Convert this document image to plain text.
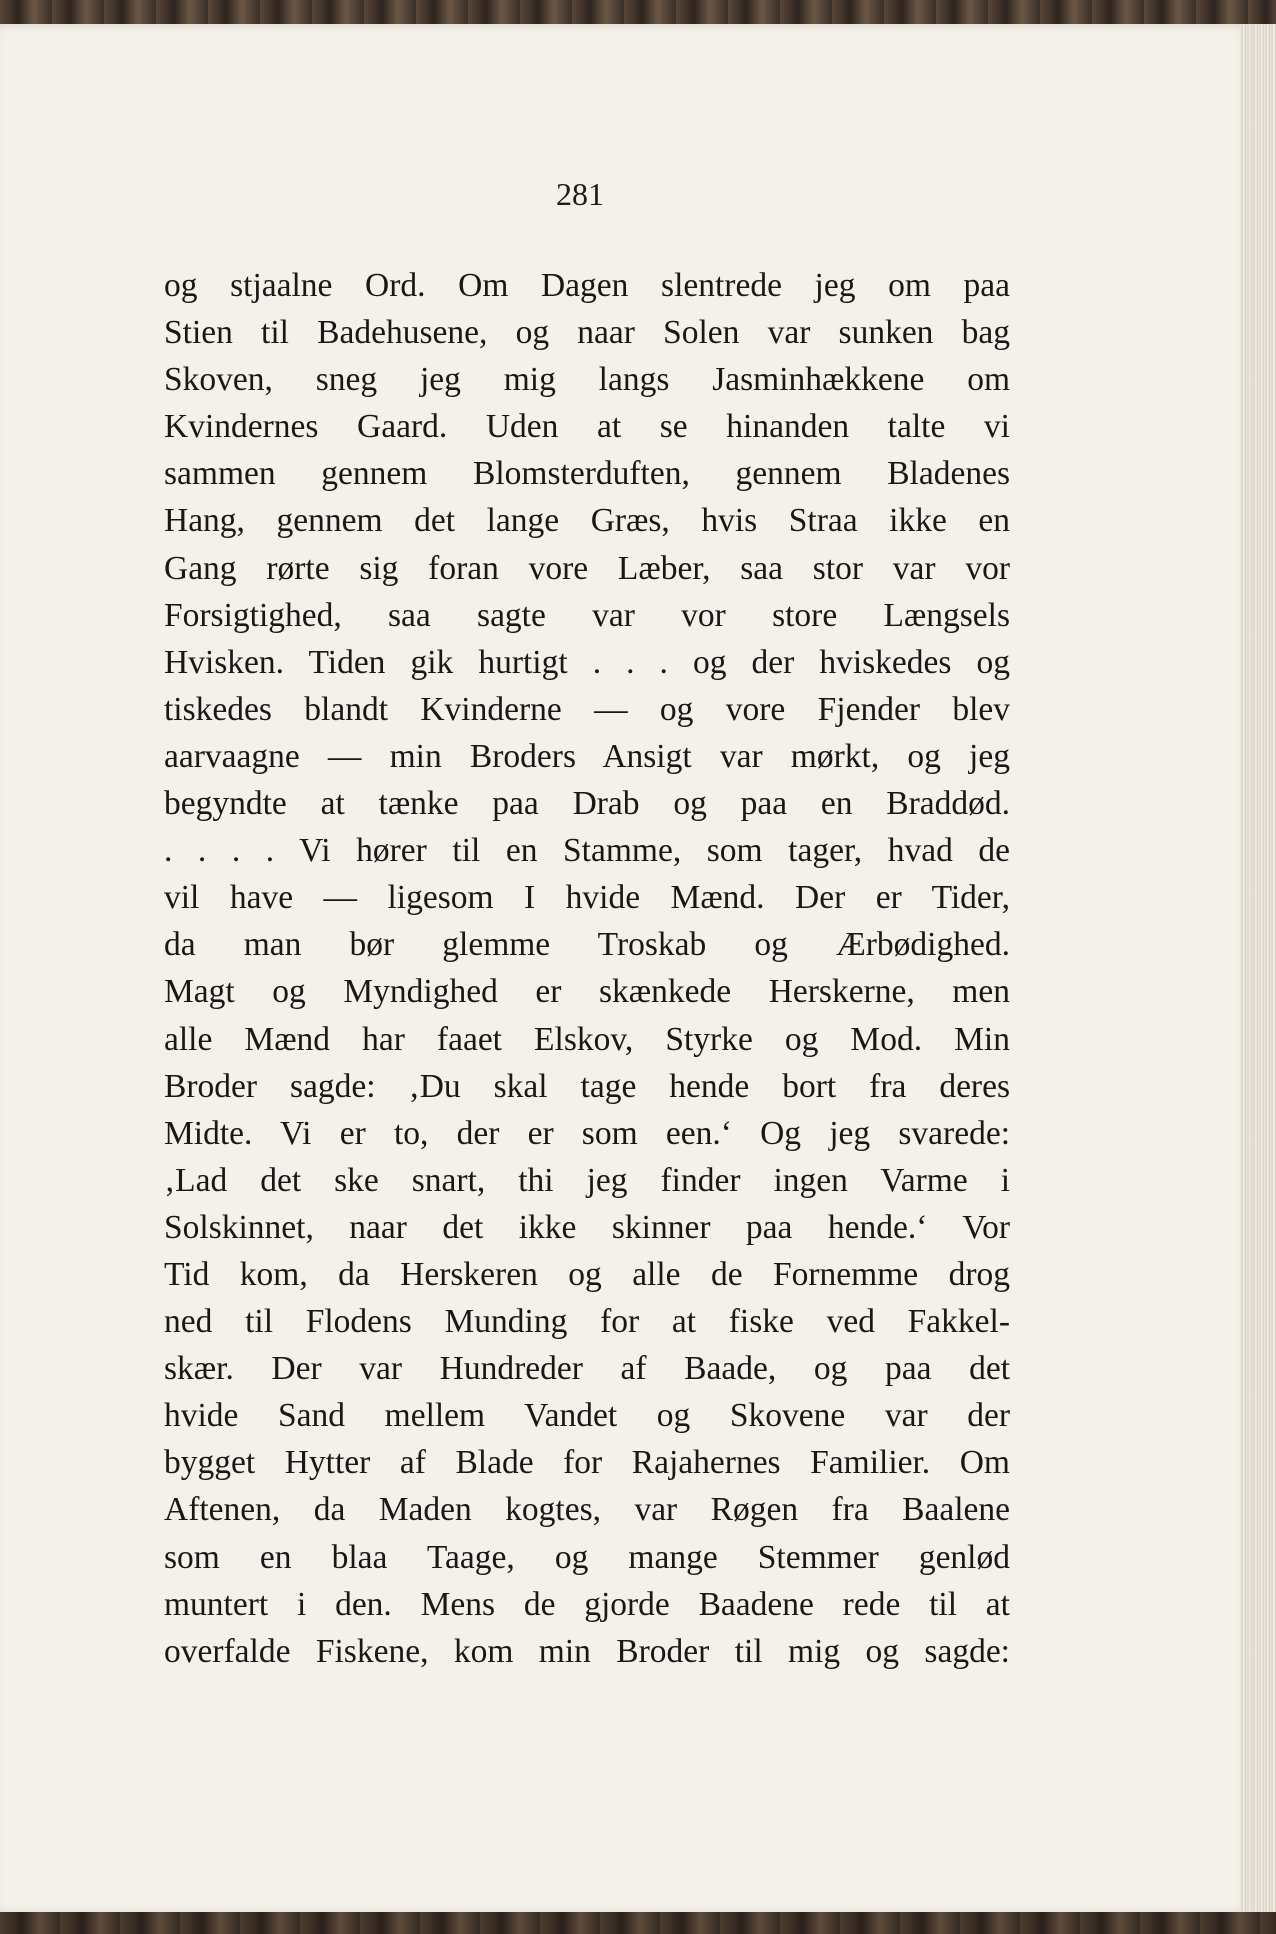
281
og stjaalne Ord. Om Dagen slentrede jeg om paa
Stien til Badehusene, og naar Solen var sunken bag
Skoven, sneg jeg mig langs Jasminhækkene om
Kvindernes Gaard. Uden at se hinanden talte vi
sammen gennem Blomsterduften, gennem Bladenes
Hang, gennem det lange Græs, hvis Straa ikke en
Gang rørte sig foran vore Læber, saa stor var vor
Forsigtighed, saa sagte var vor store Længsels
Hvisken. Tiden gik hurtigt . . . og der hviskedes og
tiskedes blandt Kvinderne — og vore Fjender blev
aarvaagne — min Broders Ansigt var mørkt, og jeg
begyndte at tænke paa Drab og paa en Braddød.
. . . . Vi hører til en Stamme, som tager, hvad de
vil have — ligesom I hvide Mænd. Der er Tider,
da man bør glemme Troskab og Ærbødighed.
Magt og Myndighed er skænkede Herskerne, men
alle Mænd har faaet Elskov, Styrke og Mod. Min
Broder sagde: ‚Du skal tage hende bort fra deres
Midte. Vi er to, der er som een.‘ Og jeg svarede:
‚Lad det ske snart, thi jeg finder ingen Varme i
Solskinnet, naar det ikke skinner paa hende.‘ Vor
Tid kom, da Herskeren og alle de Fornemme drog
ned til Flodens Munding for at fiske ved Fakkel-
skær. Der var Hundreder af Baade, og paa det
hvide Sand mellem Vandet og Skovene var der
bygget Hytter af Blade for Rajahernes Familier. Om
Aftenen, da Maden kogtes, var Røgen fra Baalene
som en blaa Taage, og mange Stemmer genlød
muntert i den. Mens de gjorde Baadene rede til at
overfalde Fiskene, kom min Broder til mig og sagde:
